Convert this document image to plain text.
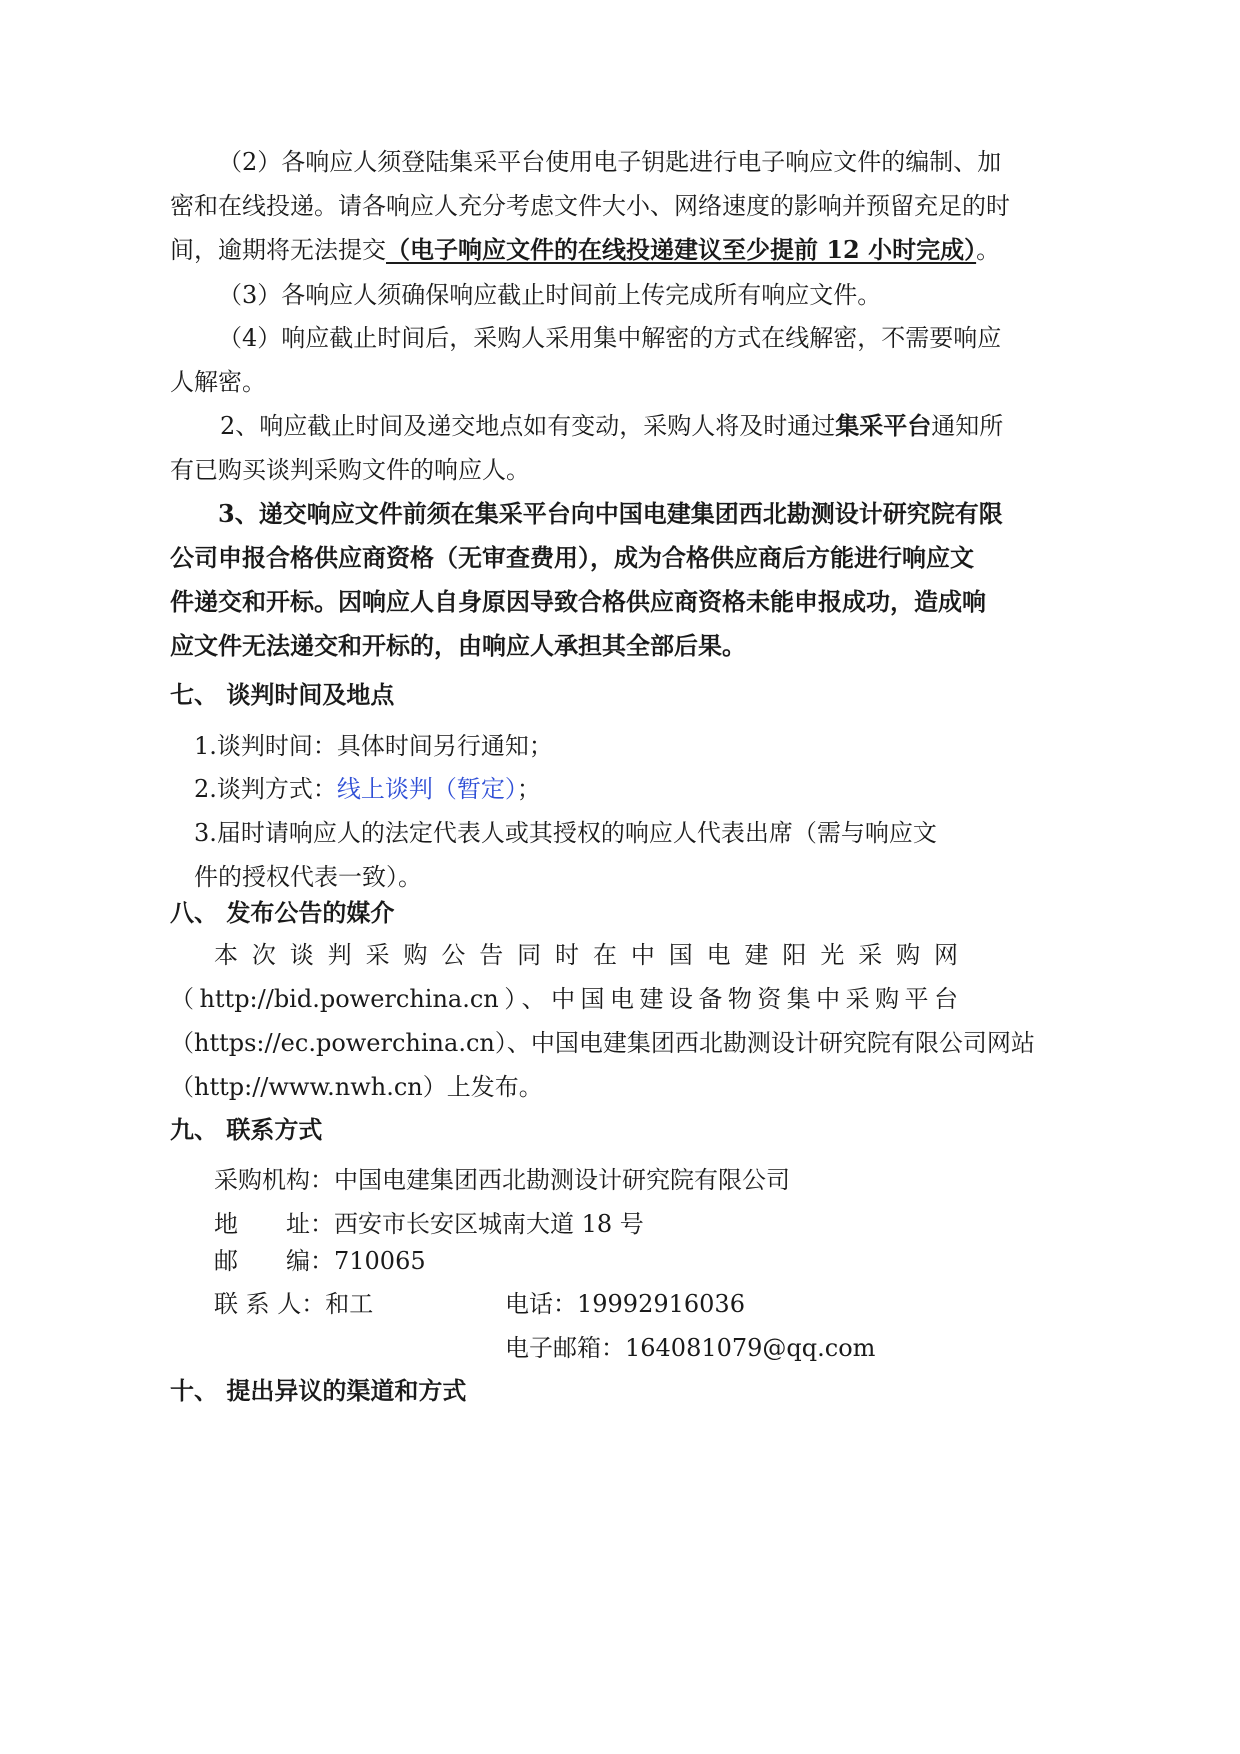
（2）各响应人须登陆集采平台使用电子钥匙进行电子响应文件的编制、加
密和在线投递。请各响应人充分考虑文件大小、网络速度的影响并预留充足的时
间，逾期将无法提交（电子响应文件的在线投递建议至少提前 12 小时完成）。
（3）各响应人须确保响应截止时间前上传完成所有响应文件。
（4）响应截止时间后，采购人采用集中解密的方式在线解密，不需要响应
人解密。
2、响应截止时间及递交地点如有变动，采购人将及时通过集采平台通知所
有已购买谈判采购文件的响应人。
3、递交响应文件前须在集采平台向中国电建集团西北勘测设计研究院有限
公司申报合格供应商资格（无审查费用），成为合格供应商后方能进行响应文
件递交和开标。因响应人自身原因导致合格供应商资格未能申报成功，造成响
应文件无法递交和开标的，由响应人承担其全部后果。
七、 谈判时间及地点
1.谈判时间：具体时间另行通知；
2.谈判方式：线上谈判（暂定）；
3.届时请响应人的法定代表人或其授权的响应人代表出席（需与响应文
件的授权代表一致）。
八、 发布公告的媒介
本次谈判采购公告同时在中国电建阳光采购网
（http://bid.powerchina.cn）、中国电建设备物资集中采购平台
（https://ec.powerchina.cn）、中国电建集团西北勘测设计研究院有限公司网站
（http://www.nwh.cn）上发布。
九、 联系方式
采购机构：中国电建集团西北勘测设计研究院有限公司
地　　址：西安市长安区城南大道 18 号
邮　　编：710065
联 系 人：和工	电话：19992916036
电子邮箱：164081079@qq.com
十、 提出异议的渠道和方式
